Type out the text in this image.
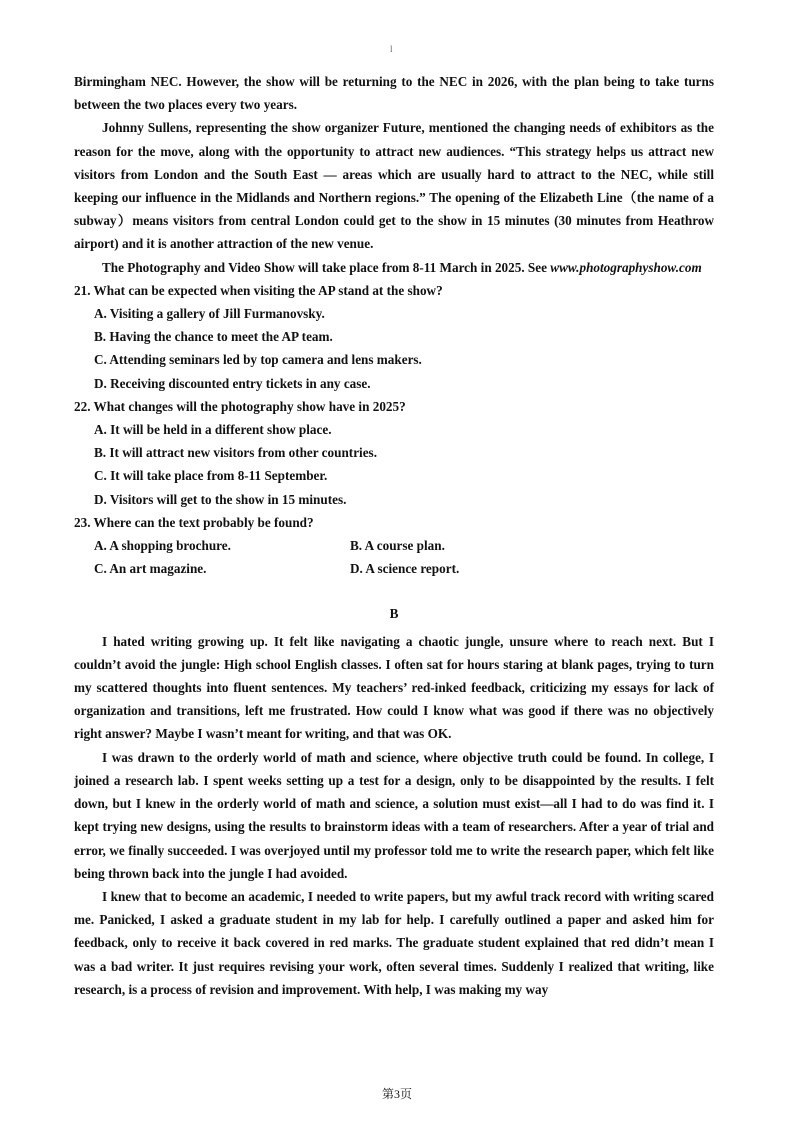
l

Birmingham NEC. However, the show will be returning to the NEC in 2026, with the plan being to take turns between the two places every two years.

Johnny Sullens, representing the show organizer Future, mentioned the changing needs of exhibitors as the reason for the move, along with the opportunity to attract new audiences. “This strategy helps us attract new visitors from London and the South East — areas which are usually hard to attract to the NEC, while still keeping our influence in the Midlands and Northern regions.” The opening of the Elizabeth Line（the name of a subway）means visitors from central London could get to the show in 15 minutes (30 minutes from Heathrow airport) and it is another attraction of the new venue.

The Photography and Video Show will take place from 8-11 March in 2025. See www.photographyshow.com

21. What can be expected when visiting the AP stand at the show?

A. Visiting a gallery of Jill Furmanovsky.

B. Having the chance to meet the AP team.

C. Attending seminars led by top camera and lens makers.

D. Receiving discounted entry tickets in any case.

22. What changes will the photography show have in 2025?

A. It will be held in a different show place.

B. It will attract new visitors from other countries.

C. It will take place from 8-11 September.

D. Visitors will get to the show in 15 minutes.

23. Where can the text probably be found?

A. A shopping brochure.	B. A course plan.
C. An art magazine.	D. A science report.

B

I hated writing growing up. It felt like navigating a chaotic jungle, unsure where to reach next. But I couldn’t avoid the jungle: High school English classes. I often sat for hours staring at blank pages, trying to turn my scattered thoughts into fluent sentences. My teachers’ red-inked feedback, criticizing my essays for lack of organization and transitions, left me frustrated. How could I know what was good if there was no objectively right answer? Maybe I wasn’t meant for writing, and that was OK.

I was drawn to the orderly world of math and science, where objective truth could be found. In college, I joined a research lab. I spent weeks setting up a test for a design, only to be disappointed by the results. I felt down, but I knew in the orderly world of math and science, a solution must exist—all I had to do was find it. I kept trying new designs, using the results to brainstorm ideas with a team of researchers. After a year of trial and error, we finally succeeded. I was overjoyed until my professor told me to write the research paper, which felt like being thrown back into the jungle I had avoided.

I knew that to become an academic, I needed to write papers, but my awful track record with writing scared me. Panicked, I asked a graduate student in my lab for help. I carefully outlined a paper and asked him for feedback, only to receive it back covered in red marks. The graduate student explained that red didn’t mean I was a bad writer. It just requires revising your work, often several times. Suddenly I realized that writing, like research, is a process of revision and improvement. With help, I was making my way

第3页
